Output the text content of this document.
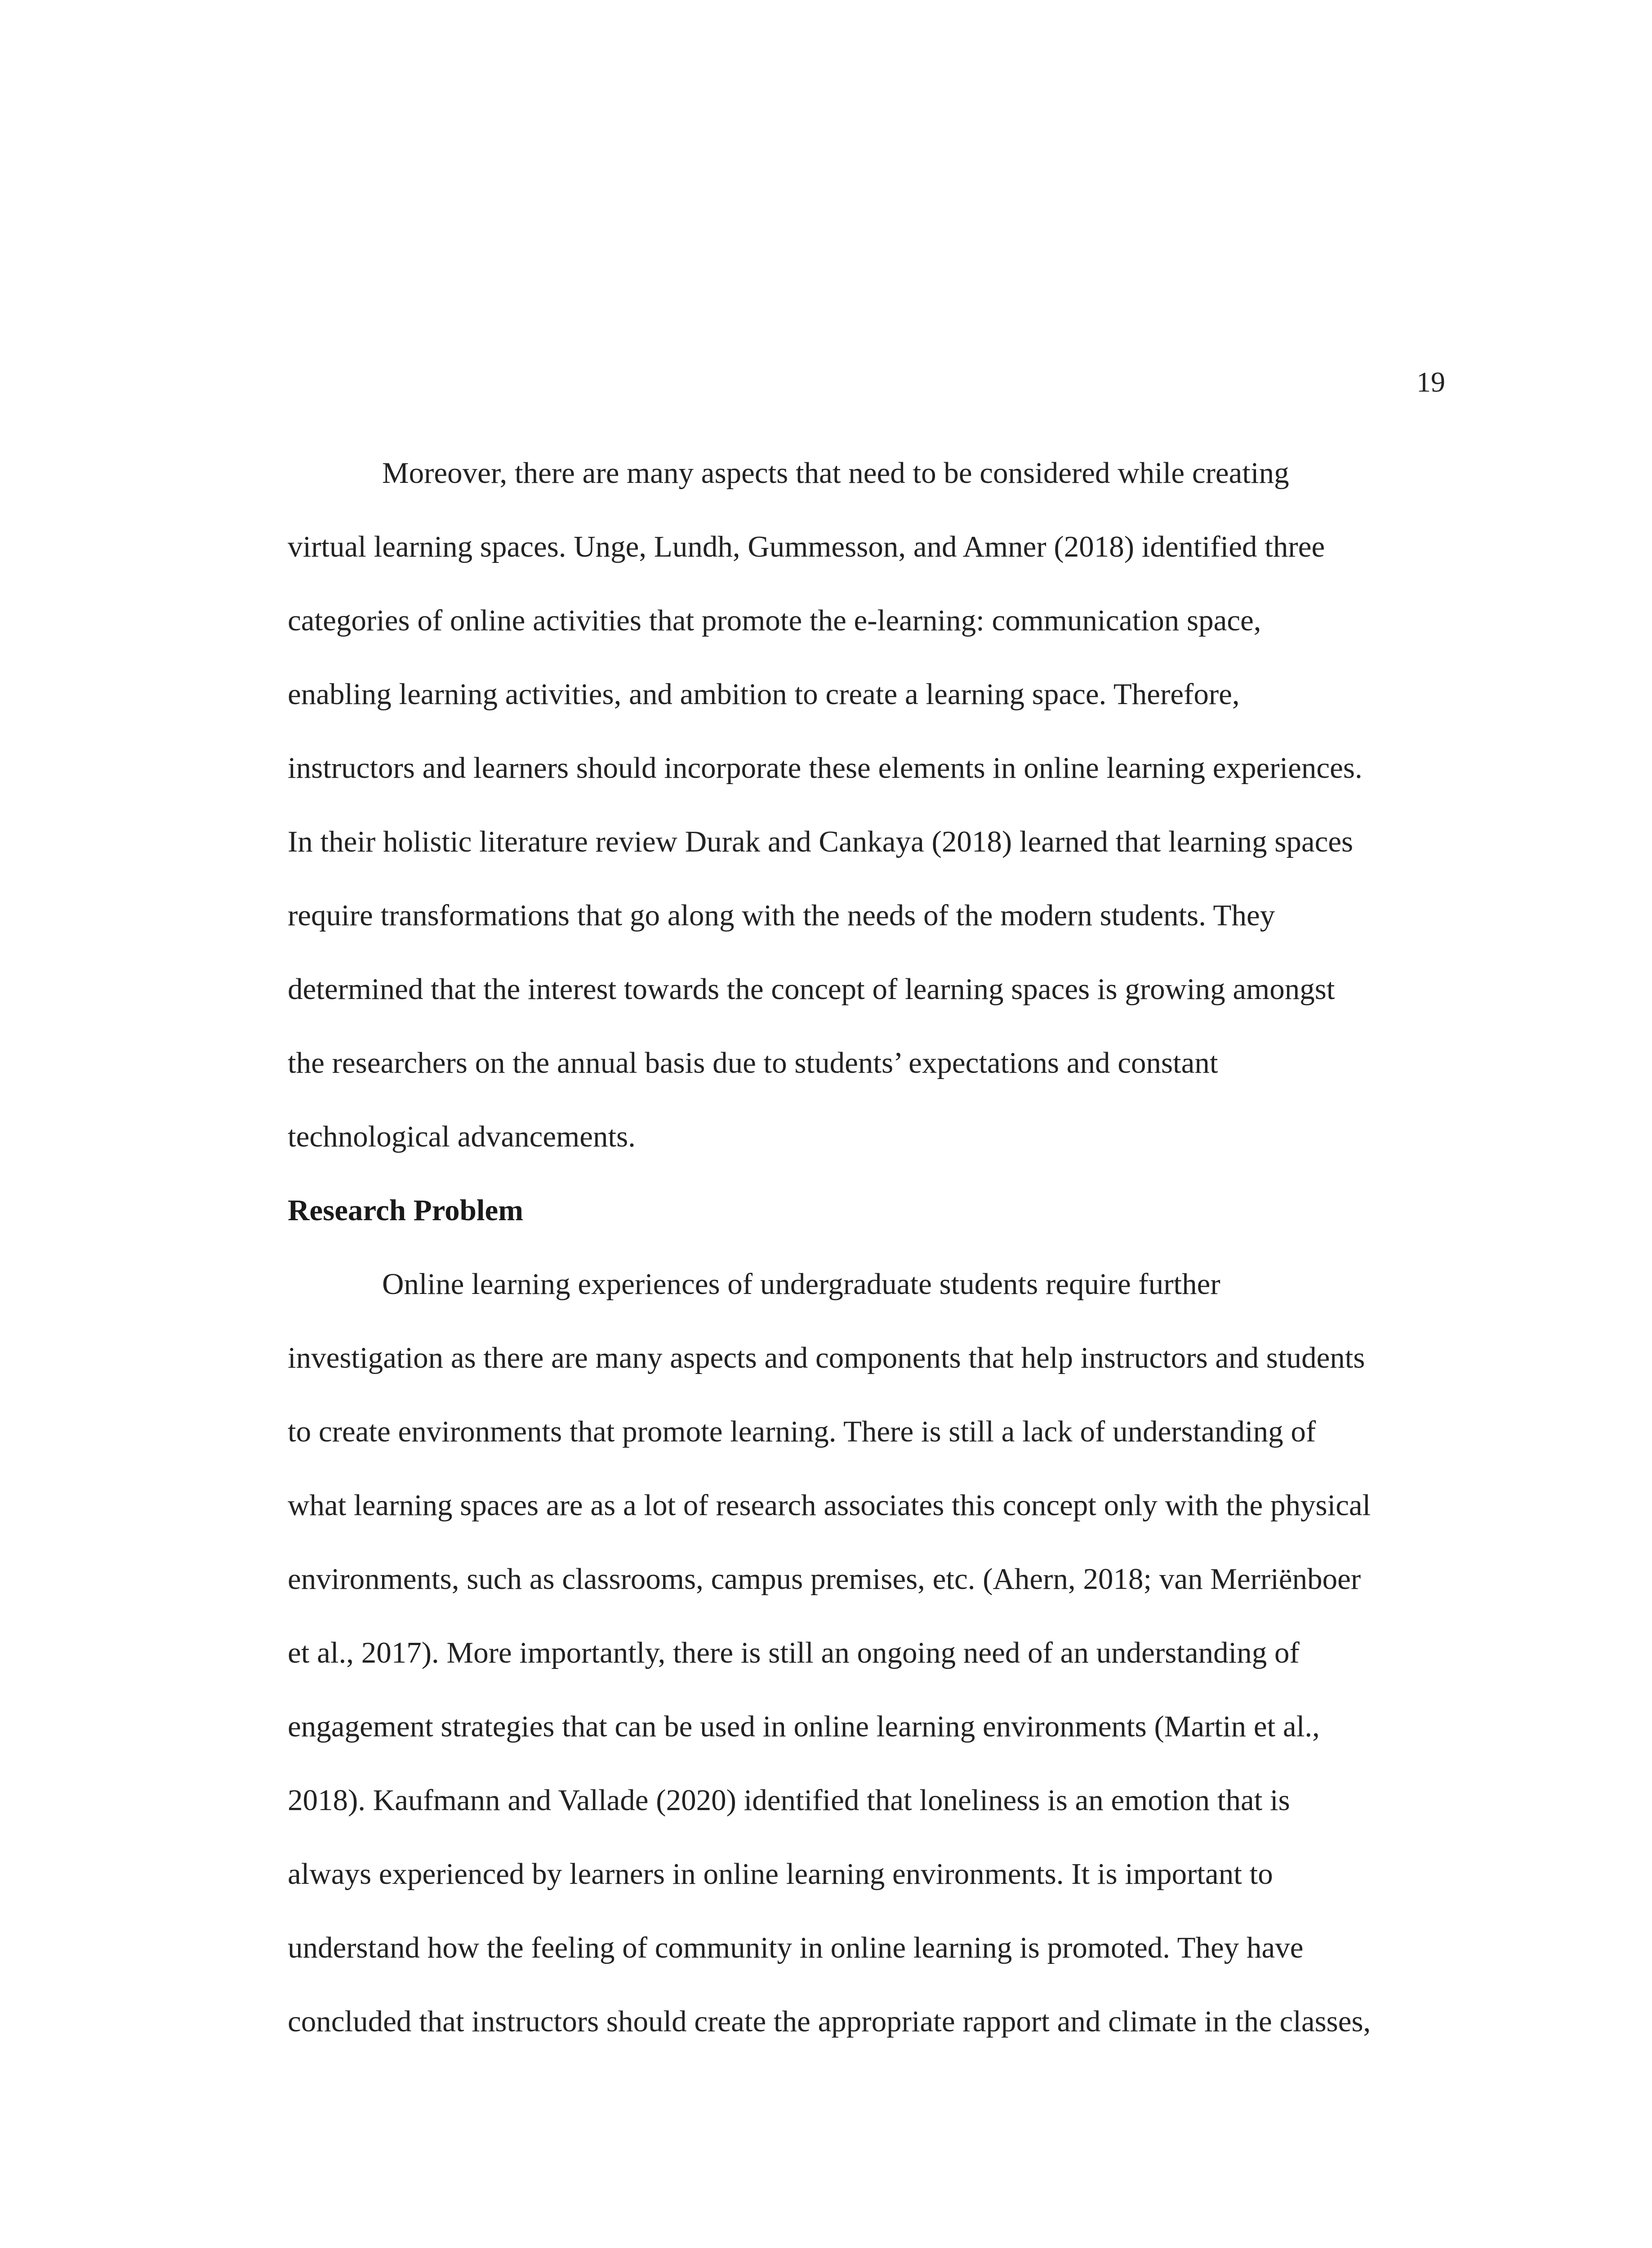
19
Moreover, there are many aspects that need to be considered while creating
virtual learning spaces. Unge, Lundh, Gummesson, and Amner (2018) identified three
categories of online activities that promote the e-learning: communication space,
enabling learning activities, and ambition to create a learning space. Therefore,
instructors and learners should incorporate these elements in online learning experiences.
In their holistic literature review Durak and Cankaya (2018) learned that learning spaces
require transformations that go along with the needs of the modern students. They
determined that the interest towards the concept of learning spaces is growing amongst
the researchers on the annual basis due to students’ expectations and constant
technological advancements.
Research Problem
Online learning experiences of undergraduate students require further
investigation as there are many aspects and components that help instructors and students
to create environments that promote learning. There is still a lack of understanding of
what learning spaces are as a lot of research associates this concept only with the physical
environments, such as classrooms, campus premises, etc. (Ahern, 2018; van Merriënboer
et al., 2017). More importantly, there is still an ongoing need of an understanding of
engagement strategies that can be used in online learning environments (Martin et al.,
2018). Kaufmann and Vallade (2020) identified that loneliness is an emotion that is
always experienced by learners in online learning environments. It is important to
understand how the feeling of community in online learning is promoted. They have
concluded that instructors should create the appropriate rapport and climate in the classes,
